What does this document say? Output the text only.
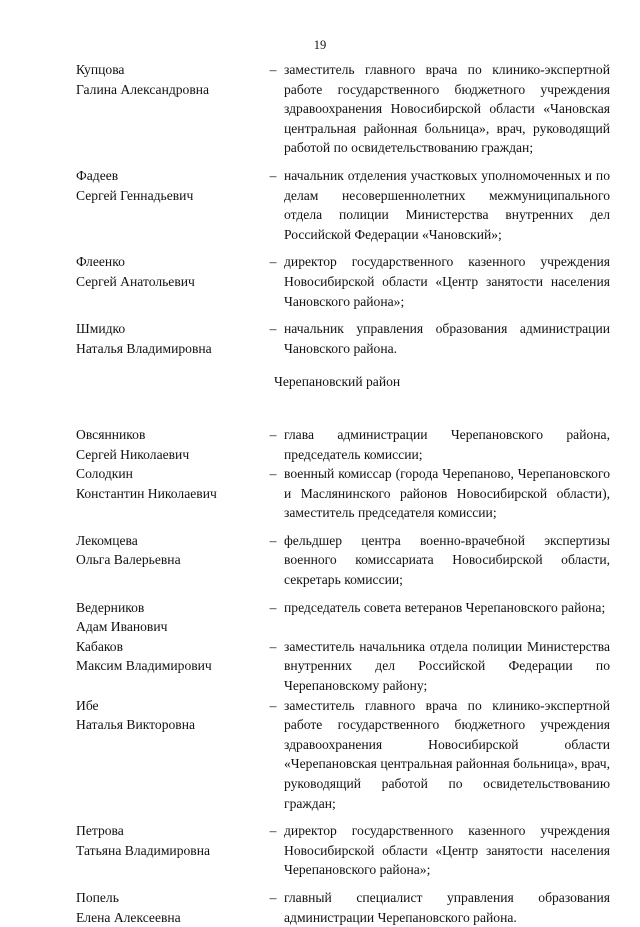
19
Купцова
Галина Александровна
– заместитель главного врача по клинико-экспертной работе государственного бюджетного учреждения здравоохранения Новосибирской области «Чановская центральная районная больница», врач, руководящий работой по освидетельствованию граждан;
Фадеев
Сергей Геннадьевич
– начальник отделения участковых уполномоченных и по делам несовершеннолетних межмуниципального отдела полиции Министерства внутренних дел Российской Федерации «Чановский»;
Флеенко
Сергей Анатольевич
– директор государственного казенного учреждения Новосибирской области «Центр занятости населения Чановского района»;
Шмидко
Наталья Владимировна
– начальник управления образования администрации Чановского района.
Черепановский район
Овсянников
Сергей Николаевич
– глава администрации Черепановского района, председатель комиссии;
Солодкин
Константин Николаевич
– военный комиссар (города Черепаново, Черепановского и Маслянинского районов Новосибирской области), заместитель председателя комиссии;
Лекомцева
Ольга Валерьевна
– фельдшер центра военно-врачебной экспертизы военного комиссариата Новосибирской области, секретарь комиссии;
Ведерников
Адам Иванович
– председатель совета ветеранов Черепановского района;
Кабаков
Максим Владимирович
– заместитель начальника отдела полиции Министерства внутренних дел Российской Федерации по Черепановскому району;
Ибе
Наталья Викторовна
– заместитель главного врача по клинико-экспертной работе государственного бюджетного учреждения здравоохранения Новосибирской области «Черепановская центральная районная больница», врач, руководящий работой по освидетельствованию граждан;
Петрова
Татьяна Владимировна
– директор государственного казенного учреждения Новосибирской области «Центр занятости населения Черепановского района»;
Попель
Елена Алексеевна
– главный специалист управления образования администрации Черепановского района.
